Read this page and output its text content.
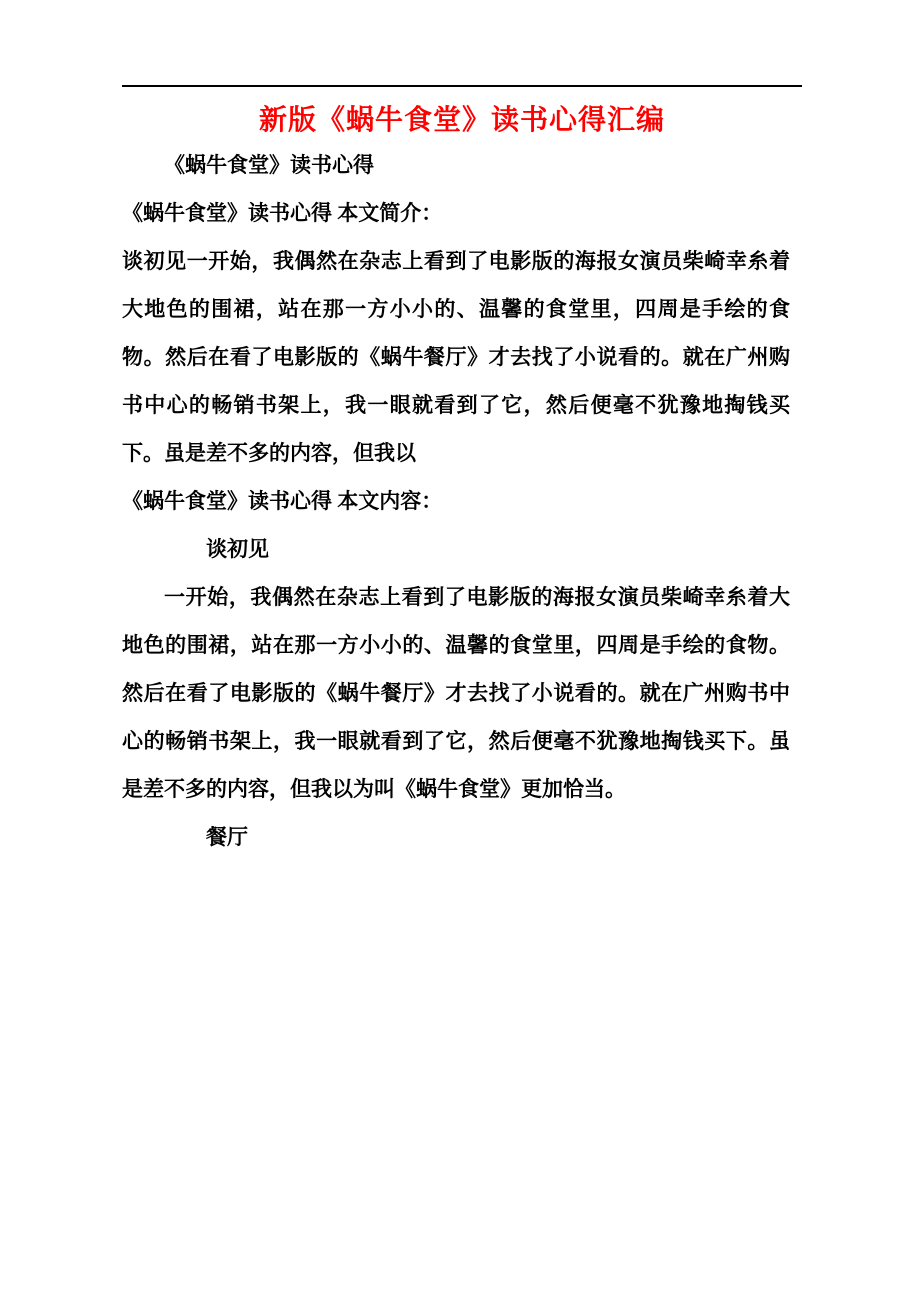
新版《蜗牛食堂》读书心得汇编

《蜗牛食堂》读书心得

《蜗牛食堂》读书心得 本文简介：

谈初见一开始，我偶然在杂志上看到了电影版的海报女演员柴崎幸糸着大地色的围裙，站在那一方小小的、温馨的食堂里，四周是手绘的食物。然后在看了电影版的《蜗牛餐厅》才去找了小说看的。就在广州购书中心的畅销书架上，我一眼就看到了它，然后便毫不犹豫地掏钱买下。虽是差不多的内容，但我以

《蜗牛食堂》读书心得 本文内容：

谈初见

一开始，我偶然在杂志上看到了电影版的海报女演员柴崎幸糸着大地色的围裙，站在那一方小小的、温馨的食堂里，四周是手绘的食物。然后在看了电影版的《蜗牛餐厅》才去找了小说看的。就在广州购书中心的畅销书架上，我一眼就看到了它，然后便毫不犹豫地掏钱买下。虽是差不多的内容，但我以为叫《蜗牛食堂》更加恰当。

餐厅
